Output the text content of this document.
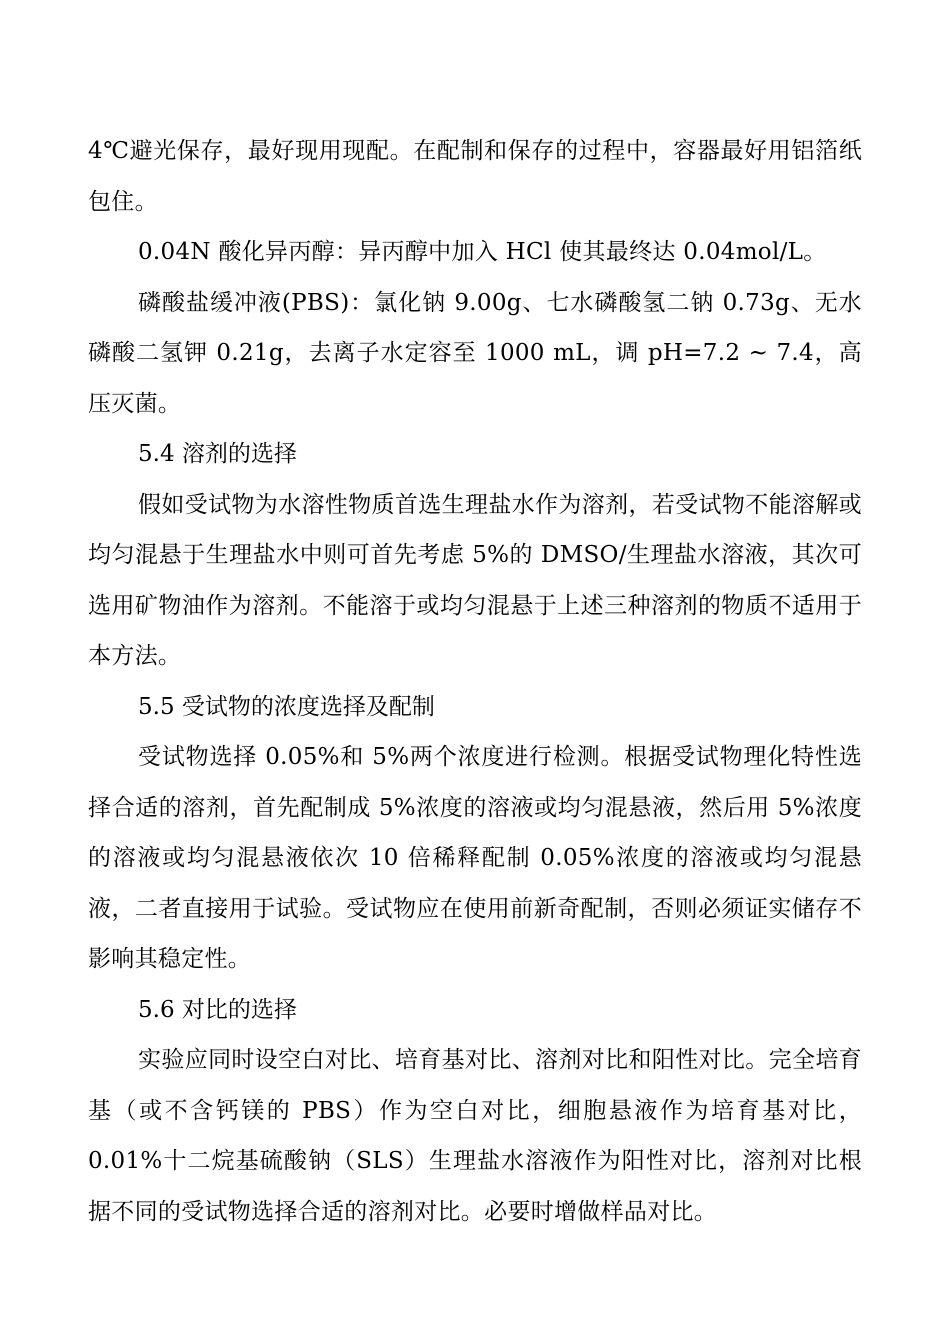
4℃避光保存，最好现用现配。在配制和保存的过程中，容器最好用铝箔纸包住。

0.04N 酸化异丙醇：异丙醇中加入 HCl 使其最终达 0.04mol/L。

磷酸盐缓冲液(PBS)：氯化钠 9.00g、七水磷酸氢二钠 0.73g、无水磷酸二氢钾 0.21g，去离子水定容至 1000 mL，调 pH=7.2 ~ 7.4，高压灭菌。

5.4 溶剂的选择

假如受试物为水溶性物质首选生理盐水作为溶剂，若受试物不能溶解或均匀混悬于生理盐水中则可首先考虑 5%的 DMSO/生理盐水溶液，其次可选用矿物油作为溶剂。不能溶于或均匀混悬于上述三种溶剂的物质不适用于本方法。

5.5 受试物的浓度选择及配制

受试物选择 0.05%和 5%两个浓度进行检测。根据受试物理化特性选择合适的溶剂，首先配制成 5%浓度的溶液或均匀混悬液，然后用 5%浓度的溶液或均匀混悬液依次 10 倍稀释配制 0.05%浓度的溶液或均匀混悬液，二者直接用于试验。受试物应在使用前新奇配制，否则必须证实储存不影响其稳定性。

5.6 对比的选择

实验应同时设空白对比、培育基对比、溶剂对比和阳性对比。完全培育基（或不含钙镁的 PBS）作为空白对比，细胞悬液作为培育基对比，0.01%十二烷基硫酸钠（SLS）生理盐水溶液作为阳性对比，溶剂对比根据不同的受试物选择合适的溶剂对比。必要时增做样品对比。
